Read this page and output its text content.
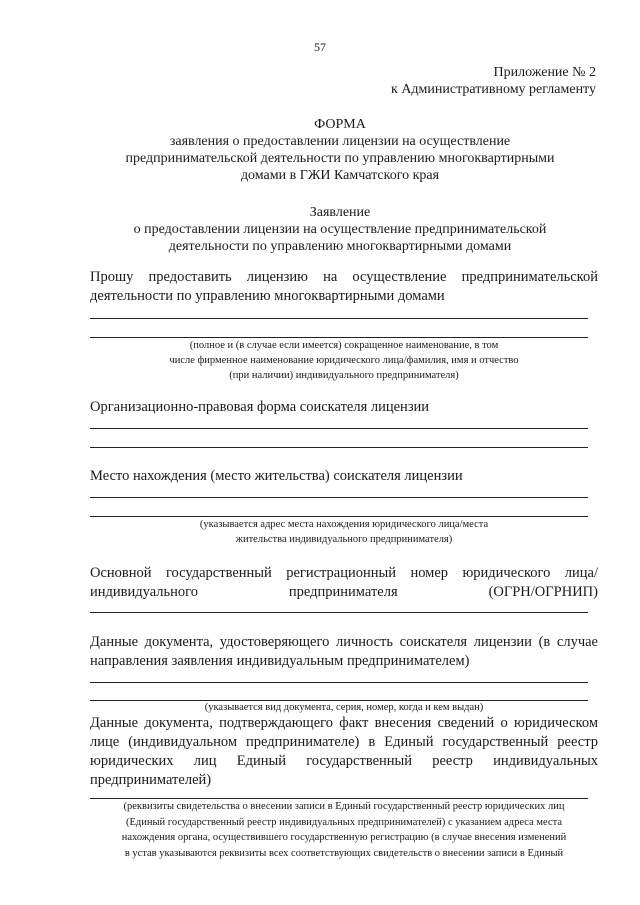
57
Приложение № 2
к Административному регламенту
ФОРМА
заявления о предоставлении лицензии на осуществление
предпринимательской деятельности по управлению многоквартирными
домами в ГЖИ Камчатского края
Заявление
о предоставлении лицензии на осуществление предпринимательской
деятельности по управлению многоквартирными домами
Прошу предоставить лицензию на осуществление предпринимательской
деятельности по управлению многоквартирными домами
(полное и (в случае если имеется) сокращенное наименование, в том
числе фирменное наименование юридического лица/фамилия, имя и отчество
(при наличии) индивидуального предпринимателя)
Организационно-правовая форма соискателя лицензии
Место нахождения (место жительства) соискателя лицензии
(указывается адрес места нахождения юридического лица/места
жительства индивидуального предпринимателя)
Основной государственный регистрационный номер юридического лица/
индивидуального	предпринимателя	(ОГРН/ОГРНИП)
Данные документа, удостоверяющего личность соискателя лицензии (в случае
направления заявления индивидуальным предпринимателем)
(указывается вид документа, серия, номер, когда и кем выдан)
Данные документа, подтверждающего факт внесения сведений о юридическом
лице (индивидуальном предпринимателе) в Единый государственный реестр
юридических лиц Единый государственный реестр индивидуальных
предпринимателей)
(реквизиты свидетельства о внесении записи в Единый государственный реестр юридических лиц
(Единый государственный реестр индивидуальных предпринимателей) с указанием адреса места
нахождения органа, осуществившего государственную регистрацию (в случае внесения изменений
в устав указываются реквизиты всех соответствующих свидетельств о внесении записи в Единый
